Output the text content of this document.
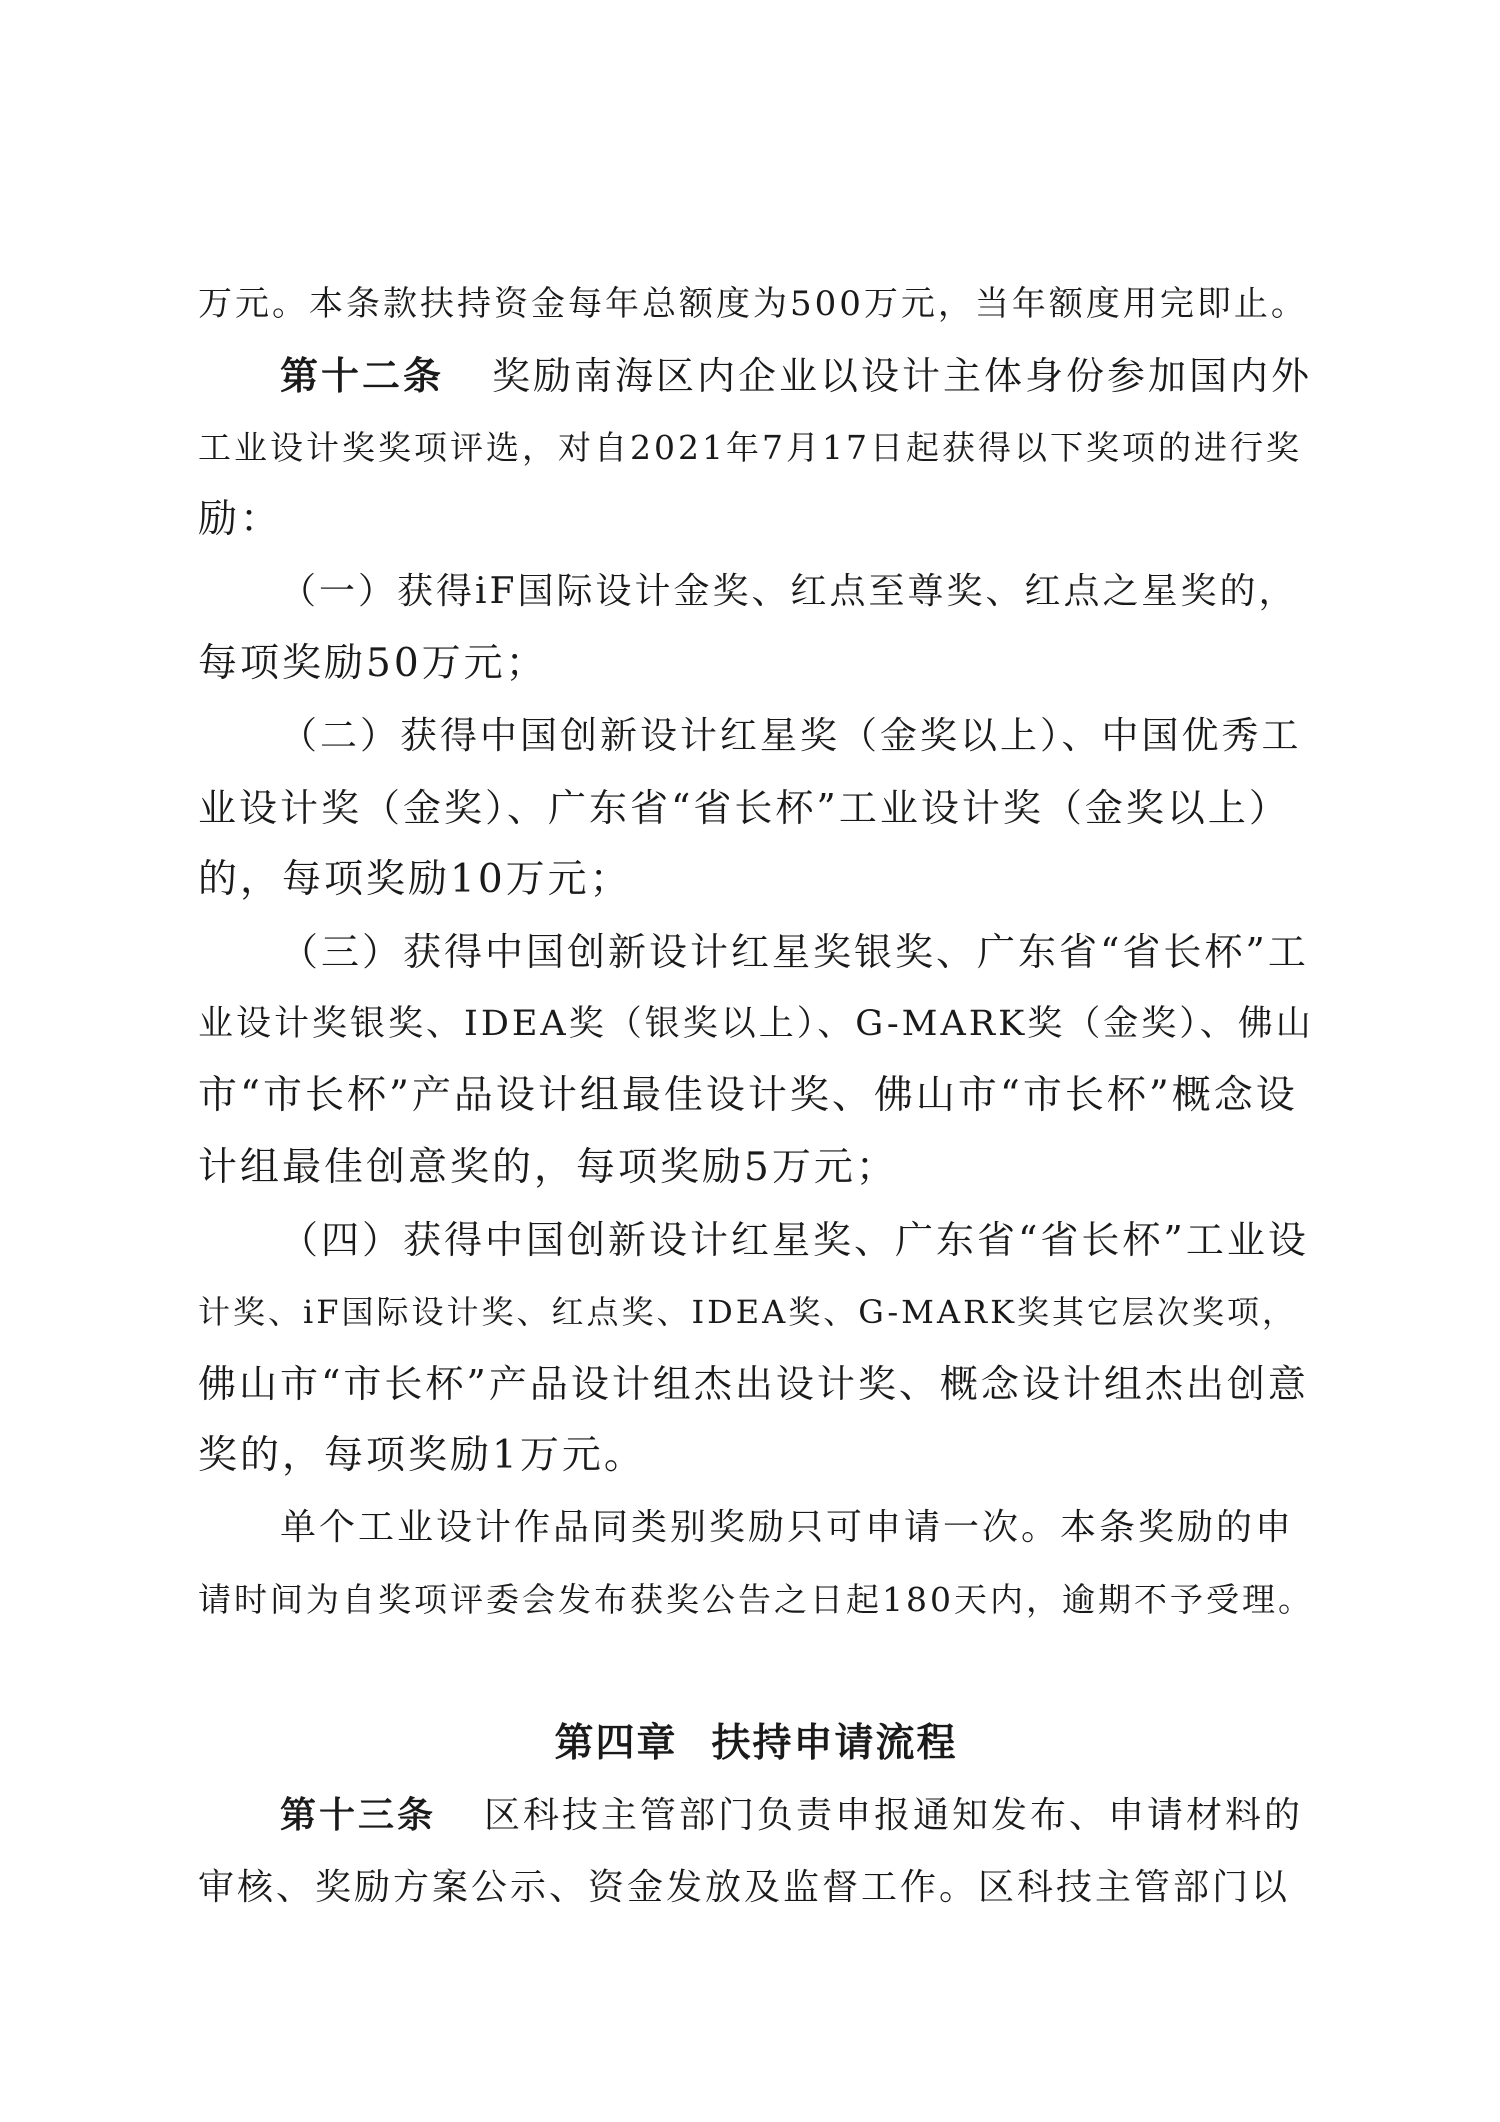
万元。本条款扶持资金每年总额度为500万元，当年额度用完即止。
第十二条 奖励南海区内企业以设计主体身份参加国内外
工业设计奖奖项评选，对自2021年7月17日起获得以下奖项的进行奖
励：
（一）获得iF国际设计金奖、红点至尊奖、红点之星奖的，
每项奖励50万元；
（二）获得中国创新设计红星奖（金奖以上）、中国优秀工
业设计奖（金奖）、广东省“省长杯”工业设计奖（金奖以上）
的，每项奖励10万元；
（三）获得中国创新设计红星奖银奖、广东省“省长杯”工
业设计奖银奖、IDEA奖（银奖以上）、G-MARK奖（金奖）、佛山
市“市长杯”产品设计组最佳设计奖、佛山市“市长杯”概念设
计组最佳创意奖的，每项奖励5万元；
（四）获得中国创新设计红星奖、广东省“省长杯”工业设
计奖、iF国际设计奖、红点奖、IDEA奖、G-MARK奖其它层次奖项，
佛山市“市长杯”产品设计组杰出设计奖、概念设计组杰出创意
奖的，每项奖励1万元。
单个工业设计作品同类别奖励只可申请一次。本条奖励的申
请时间为自奖项评委会发布获奖公告之日起180天内，逾期不予受理。
第四章 扶持申请流程
第十三条 区科技主管部门负责申报通知发布、申请材料的
审核、奖励方案公示、资金发放及监督工作。区科技主管部门以
